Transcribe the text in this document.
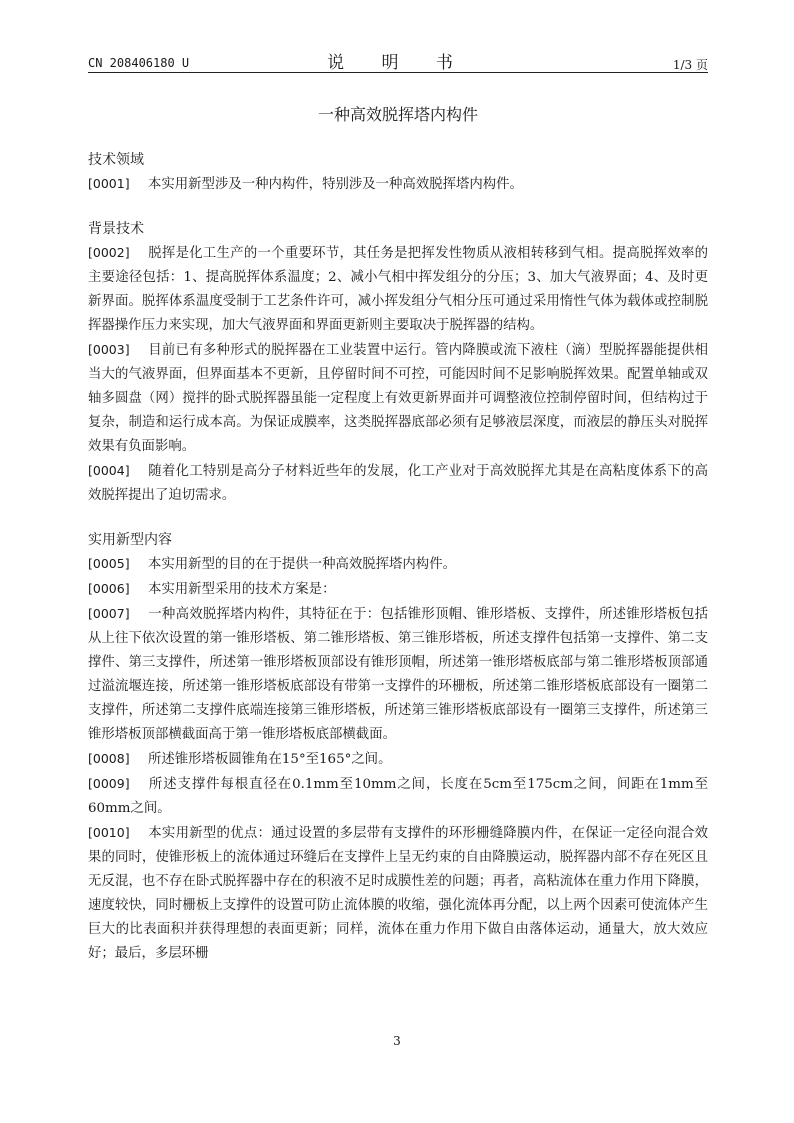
CN 208406180 U	说 明 书	1/3 页
一种高效脱挥塔内构件

技术领域

[0001] 本实用新型涉及一种内构件，特别涉及一种高效脱挥塔内构件。

背景技术

[0002] 脱挥是化工生产的一个重要环节，其任务是把挥发性物质从液相转移到气相。提高脱挥效率的主要途径包括：1、提高脱挥体系温度；2、减小气相中挥发组分的分压；3、加大气液界面；4、及时更新界面。脱挥体系温度受制于工艺条件许可，减小挥发组分气相分压可通过采用惰性气体为载体或控制脱挥器操作压力来实现，加大气液界面和界面更新则主要取决于脱挥器的结构。

[0003] 目前已有多种形式的脱挥器在工业装置中运行。管内降膜或流下液柱（滴）型脱挥器能提供相当大的气液界面，但界面基本不更新，且停留时间不可控，可能因时间不足影响脱挥效果。配置单轴或双轴多圆盘（网）搅拌的卧式脱挥器虽能一定程度上有效更新界面并可调整液位控制停留时间，但结构过于复杂，制造和运行成本高。为保证成膜率，这类脱挥器底部必须有足够液层深度，而液层的静压头对脱挥效果有负面影响。

[0004] 随着化工特别是高分子材料近些年的发展，化工产业对于高效脱挥尤其是在高粘度体系下的高效脱挥提出了迫切需求。

实用新型内容

[0005] 本实用新型的目的在于提供一种高效脱挥塔内构件。

[0006] 本实用新型采用的技术方案是：

[0007] 一种高效脱挥塔内构件，其特征在于：包括锥形顶帽、锥形塔板、支撑件，所述锥形塔板包括从上往下依次设置的第一锥形塔板、第二锥形塔板、第三锥形塔板，所述支撑件包括第一支撑件、第二支撑件、第三支撑件，所述第一锥形塔板顶部设有锥形顶帽，所述第一锥形塔板底部与第二锥形塔板顶部通过溢流堰连接，所述第一锥形塔板底部设有带第一支撑件的环栅板，所述第二锥形塔板底部设有一圈第二支撑件，所述第二支撑件底端连接第三锥形塔板，所述第三锥形塔板底部设有一圈第三支撑件，所述第三锥形塔板顶部横截面高于第一锥形塔板底部横截面。

[0008] 所述锥形塔板圆锥角在15°至165°之间。

[0009] 所述支撑件每根直径在0.1mm至10mm之间，长度在5cm至175cm之间，间距在1mm至60mm之间。

[0010] 本实用新型的优点：通过设置的多层带有支撑件的环形栅缝降膜内件，在保证一定径向混合效果的同时，使锥形板上的流体通过环缝后在支撑件上呈无约束的自由降膜运动，脱挥器内部不存在死区且无反混，也不存在卧式脱挥器中存在的积液不足时成膜性差的问题；再者，高粘流体在重力作用下降膜，速度较快，同时栅板上支撑件的设置可防止流体膜的收缩，强化流体再分配，以上两个因素可使流体产生巨大的比表面积并获得理想的表面更新；同样，流体在重力作用下做自由落体运动，通量大，放大效应好；最后，多层环栅

3
